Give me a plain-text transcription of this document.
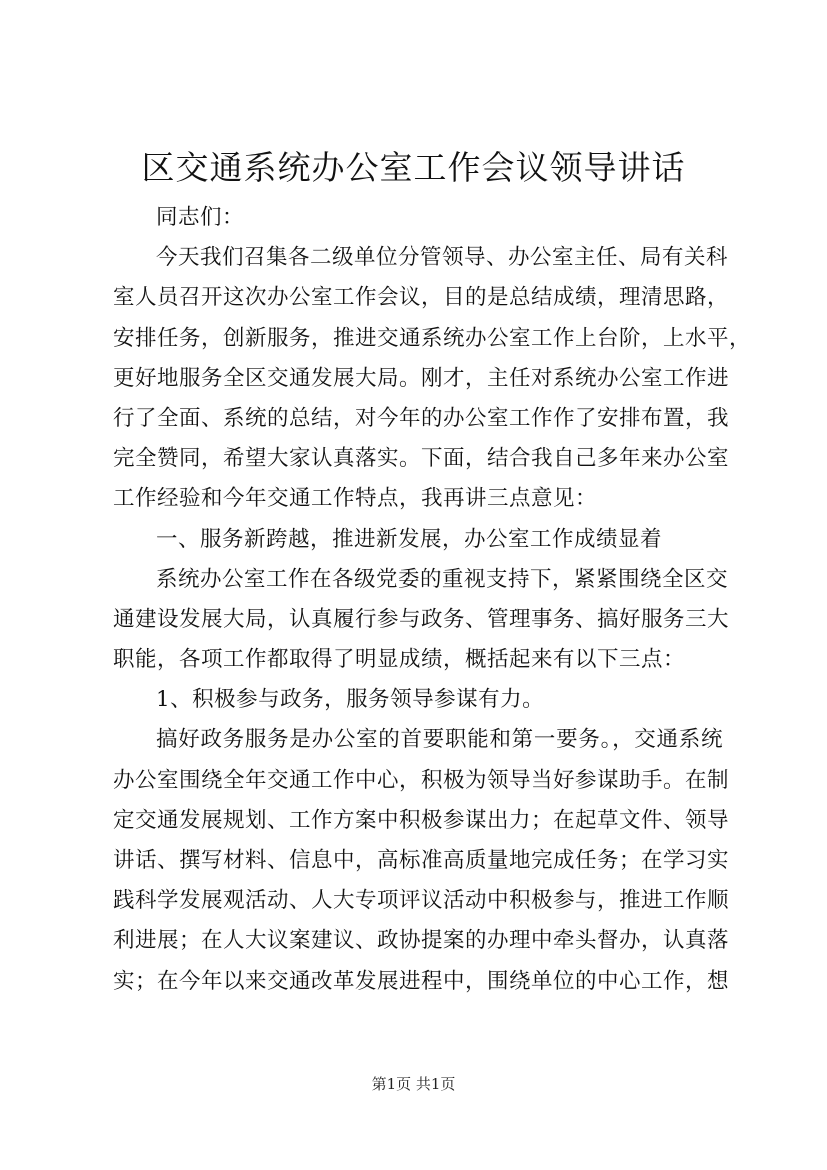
区交通系统办公室工作会议领导讲话
同志们：
今天我们召集各二级单位分管领导、办公室主任、局有关科
室人员召开这次办公室工作会议，目的是总结成绩，理清思路，
安排任务，创新服务，推进交通系统办公室工作上台阶，上水平，
更好地服务全区交通发展大局。刚才，主任对系统办公室工作进
行了全面、系统的总结，对今年的办公室工作作了安排布置，我
完全赞同，希望大家认真落实。下面，结合我自己多年来办公室
工作经验和今年交通工作特点，我再讲三点意见：
一、服务新跨越，推进新发展，办公室工作成绩显着
系统办公室工作在各级党委的重视支持下，紧紧围绕全区交
通建设发展大局，认真履行参与政务、管理事务、搞好服务三大
职能，各项工作都取得了明显成绩，概括起来有以下三点：
1、积极参与政务，服务领导参谋有力。
搞好政务服务是办公室的首要职能和第一要务。，交通系统
办公室围绕全年交通工作中心，积极为领导当好参谋助手。在制
定交通发展规划、工作方案中积极参谋出力；在起草文件、领导
讲话、撰写材料、信息中，高标准高质量地完成任务；在学习实
践科学发展观活动、人大专项评议活动中积极参与，推进工作顺
利进展；在人大议案建议、政协提案的办理中牵头督办，认真落
实；在今年以来交通改革发展进程中，围绕单位的中心工作，想
第1页 共1页
